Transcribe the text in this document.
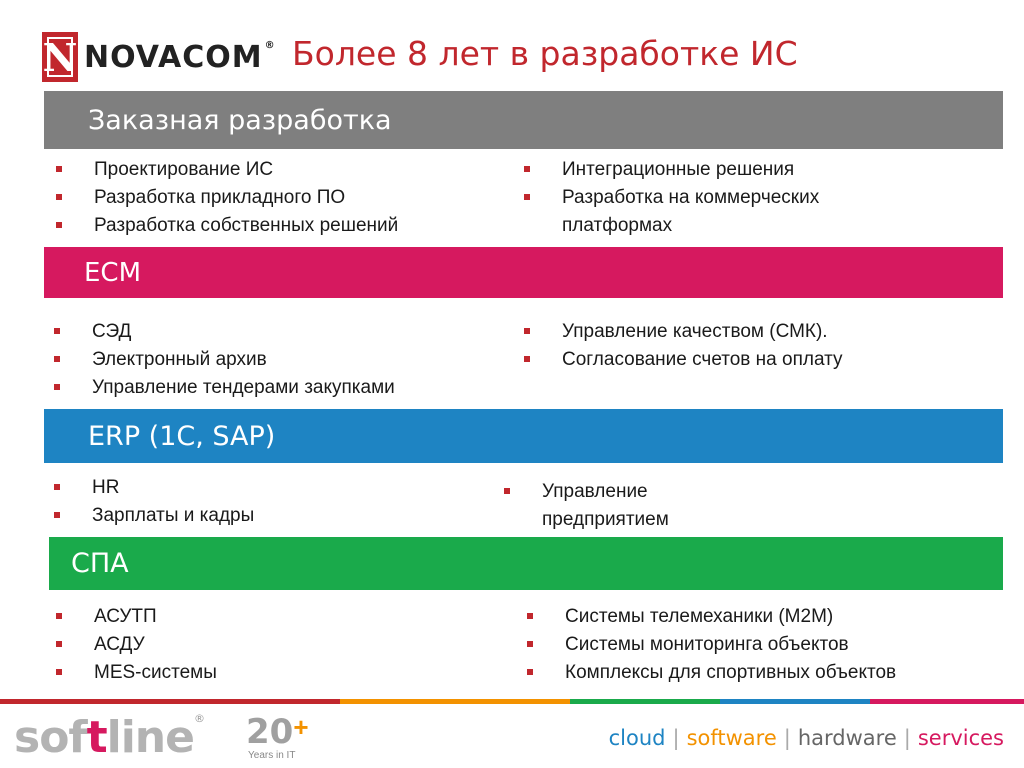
N NOVACOM ® Более 8 лет в разработке ИС
Заказная разработка
Проектирование ИС
Разработка прикладного ПО
Разработка собственных решений
Интеграционные решения
Разработка на коммерческих платформах
ECM
СЭД
Электронный архив
Управление тендерами закупками
Управление качеством (СМК).
Согласование счетов на оплату
ERP (1C, SAP)
HR
Зарплаты и кадры
Управление предприятием
СПА
АСУТП
АСДУ
MES-системы
Системы телемеханики (M2M)
Системы мониторинга объектов
Комплексы для спортивных объектов
softline® 20+
Years in IT
cloud | software | hardware | services
